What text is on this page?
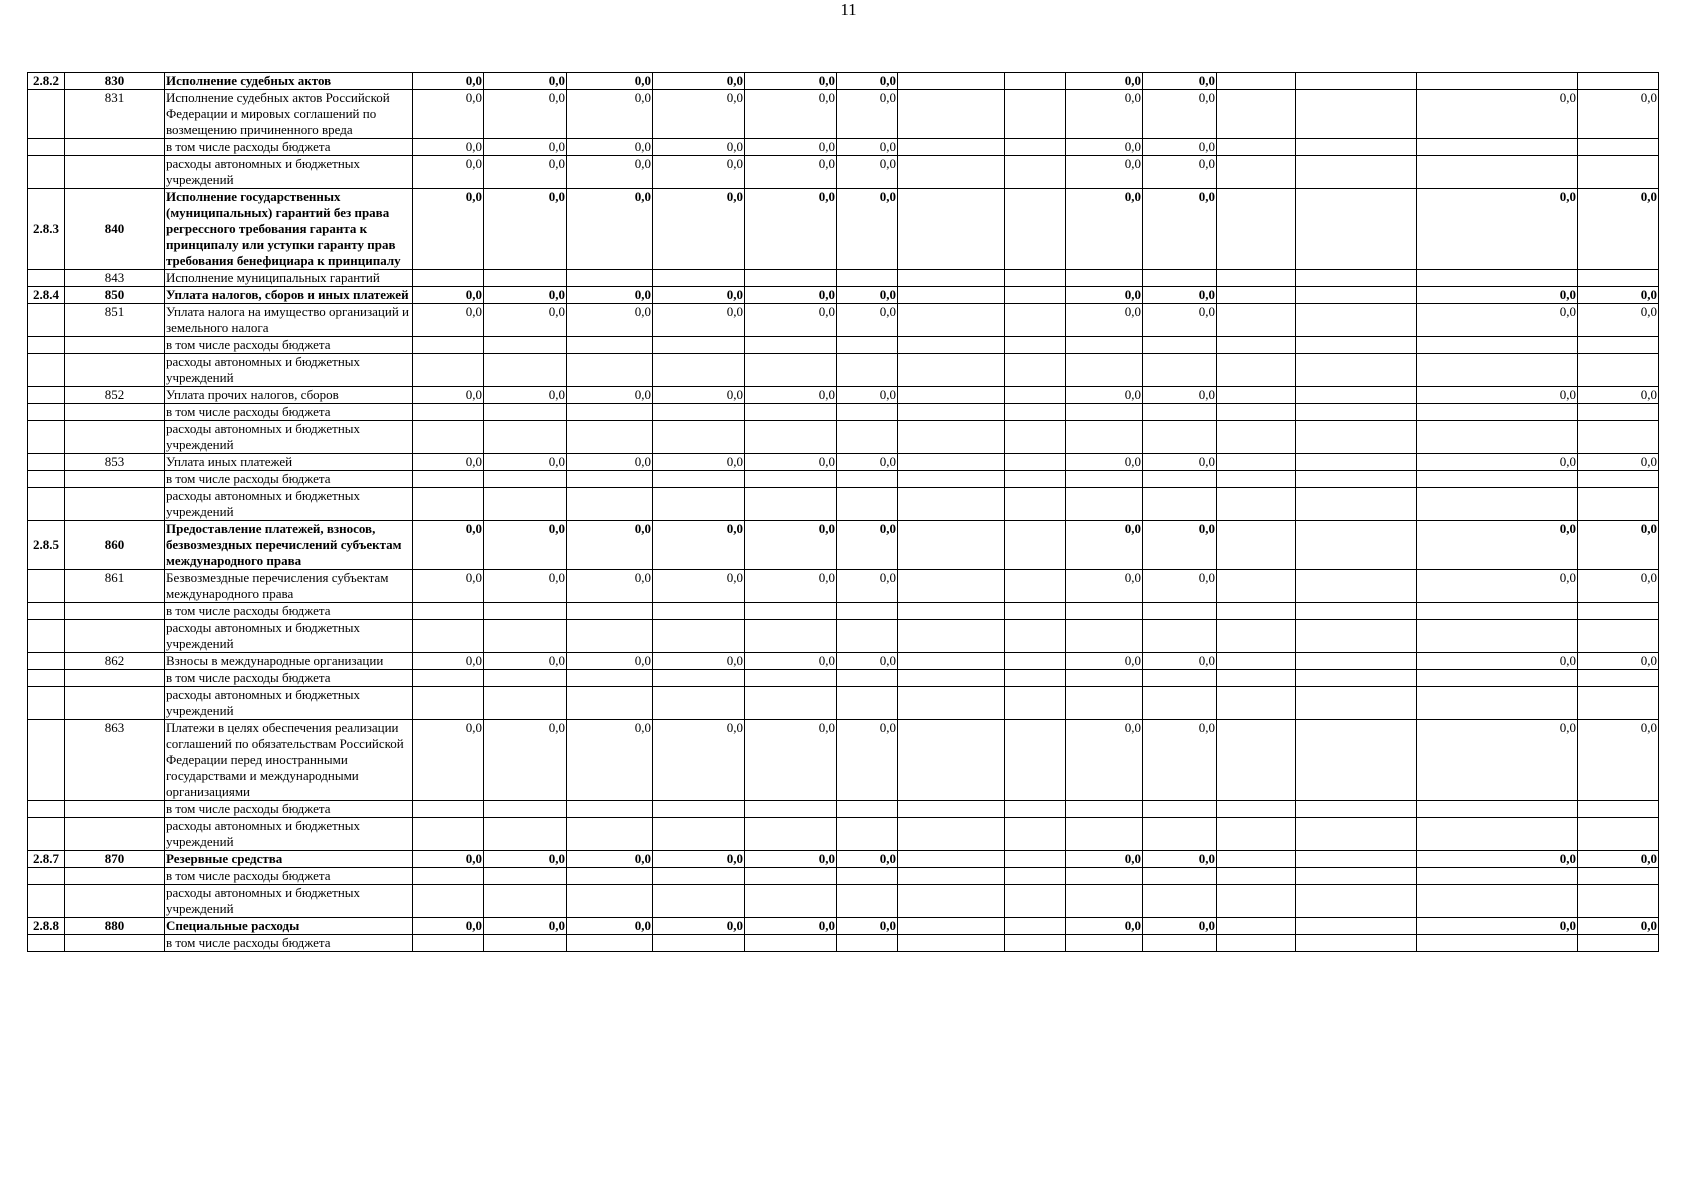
11
2.8.2	830	Исполнение судебных актов	0,0	0,0	0,0	0,0	0,0	0,0			0,0	0,0				
	831	Исполнение судебных актов Российской Федерации и мировых соглашений по возмещению причиненного вреда	0,0	0,0	0,0	0,0	0,0	0,0			0,0	0,0			0,0	0,0
		в том числе расходы бюджета	0,0	0,0	0,0	0,0	0,0	0,0			0,0	0,0				
		расходы автономных и бюджетных учреждений	0,0	0,0	0,0	0,0	0,0	0,0			0,0	0,0				
2.8.3	840	Исполнение государственных (муниципальных) гарантий без права регрессного требования гаранта к принципалу или уступки гаранту прав требования бенефициара к принципалу	0,0	0,0	0,0	0,0	0,0	0,0			0,0	0,0			0,0	0,0
	843	Исполнение муниципальных гарантий														
2.8.4	850	Уплата налогов, сборов и иных платежей	0,0	0,0	0,0	0,0	0,0	0,0			0,0	0,0			0,0	0,0
	851	Уплата налога на имущество организаций и земельного налога	0,0	0,0	0,0	0,0	0,0	0,0			0,0	0,0			0,0	0,0
		в том числе расходы бюджета														
		расходы автономных и бюджетных учреждений														
	852	Уплата прочих налогов, сборов	0,0	0,0	0,0	0,0	0,0	0,0			0,0	0,0			0,0	0,0
		в том числе расходы бюджета														
		расходы автономных и бюджетных учреждений														
	853	Уплата иных платежей	0,0	0,0	0,0	0,0	0,0	0,0			0,0	0,0			0,0	0,0
		в том числе расходы бюджета														
		расходы автономных и бюджетных учреждений														
2.8.5	860	Предоставление платежей, взносов, безвозмездных перечислений субъектам международного права	0,0	0,0	0,0	0,0	0,0	0,0			0,0	0,0			0,0	0,0
	861	Безвозмездные перечисления субъектам международного права	0,0	0,0	0,0	0,0	0,0	0,0			0,0	0,0			0,0	0,0
		в том числе расходы бюджета														
		расходы автономных и бюджетных учреждений														
	862	Взносы в международные организации	0,0	0,0	0,0	0,0	0,0	0,0			0,0	0,0			0,0	0,0
		в том числе расходы бюджета														
		расходы автономных и бюджетных учреждений														
	863	Платежи в целях обеспечения реализации соглашений по обязательствам Российской Федерации перед иностранными государствами и международными организациями	0,0	0,0	0,0	0,0	0,0	0,0			0,0	0,0			0,0	0,0
		в том числе расходы бюджета														
		расходы автономных и бюджетных учреждений														
2.8.7	870	Резервные средства	0,0	0,0	0,0	0,0	0,0	0,0			0,0	0,0			0,0	0,0
		в том числе расходы бюджета														
		расходы автономных и бюджетных учреждений														
2.8.8	880	Специальные расходы	0,0	0,0	0,0	0,0	0,0	0,0			0,0	0,0			0,0	0,0
		в том числе расходы бюджета														
